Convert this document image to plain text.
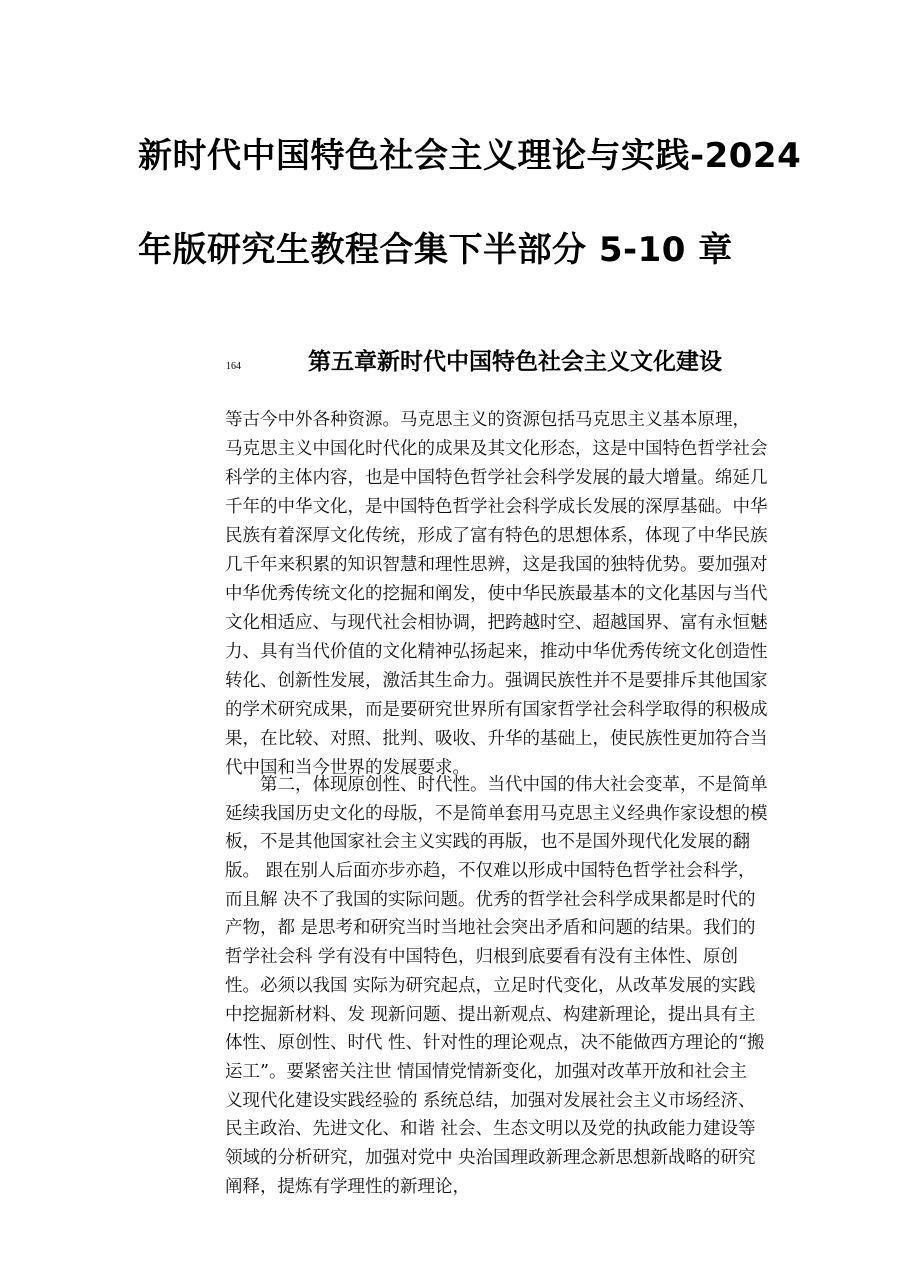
新时代中国特色社会主义理论与实践-2024
年版研究生教程合集下半部分 5-10 章
164	第五章新时代中国特色社会主义文化建设
等古今中外各种资源。马克思主义的资源包括马克思主义基本原理，
马克思主义中国化时代化的成果及其文化形态，这是中国特色哲学社会
科学的主体内容，也是中国特色哲学社会科学发展的最大增量。绵延几
千年的中华文化，是中国特色哲学社会科学成长发展的深厚基础。中华
民族有着深厚文化传统，形成了富有特色的思想体系，体现了中华民族
几千年来积累的知识智慧和理性思辨，这是我国的独特优势。要加强对
中华优秀传统文化的挖掘和阐发，使中华民族最基本的文化基因与当代
文化相适应、与现代社会相协调，把跨越时空、超越国界、富有永恒魅
力、具有当代价值的文化精神弘扬起来，推动中华优秀传统文化创造性
转化、创新性发展，激活其生命力。强调民族性并不是要排斥其他国家
的学术研究成果，而是要研究世界所有国家哲学社会科学取得的积极成
果，在比较、对照、批判、吸收、升华的基础上，使民族性更加符合当
代中国和当今世界的发展要求。
　　第二，体现原创性、时代性。当代中国的伟大社会变革，不是简单
延续我国历史文化的母版，不是简单套用马克思主义经典作家设想的模
板，不是其他国家社会主义实践的再版，也不是国外现代化发展的翻
版。 跟在别人后面亦步亦趋，不仅难以形成中国特色哲学社会科学，
而且解 决不了我国的实际问题。优秀的哲学社会科学成果都是时代的
产物，都 是思考和研究当时当地社会突出矛盾和问题的结果。我们的
哲学社会科 学有没有中国特色，归根到底要看有没有主体性、原创
性。必须以我国 实际为研究起点，立足时代变化，从改革发展的实践
中挖掘新材料、发 现新问题、提出新观点、构建新理论，提出具有主
体性、原创性、时代 性、针对性的理论观点，决不能做西方理论的“搬
运工”。要紧密关注世 情国情党情新变化，加强对改革开放和社会主
义现代化建设实践经验的 系统总结，加强对发展社会主义市场经济、
民主政治、先进文化、和谐 社会、生态文明以及党的执政能力建设等
领域的分析研究，加强对党中 央治国理政新理念新思想新战略的研究
阐释，提炼有学理性的新理论，
